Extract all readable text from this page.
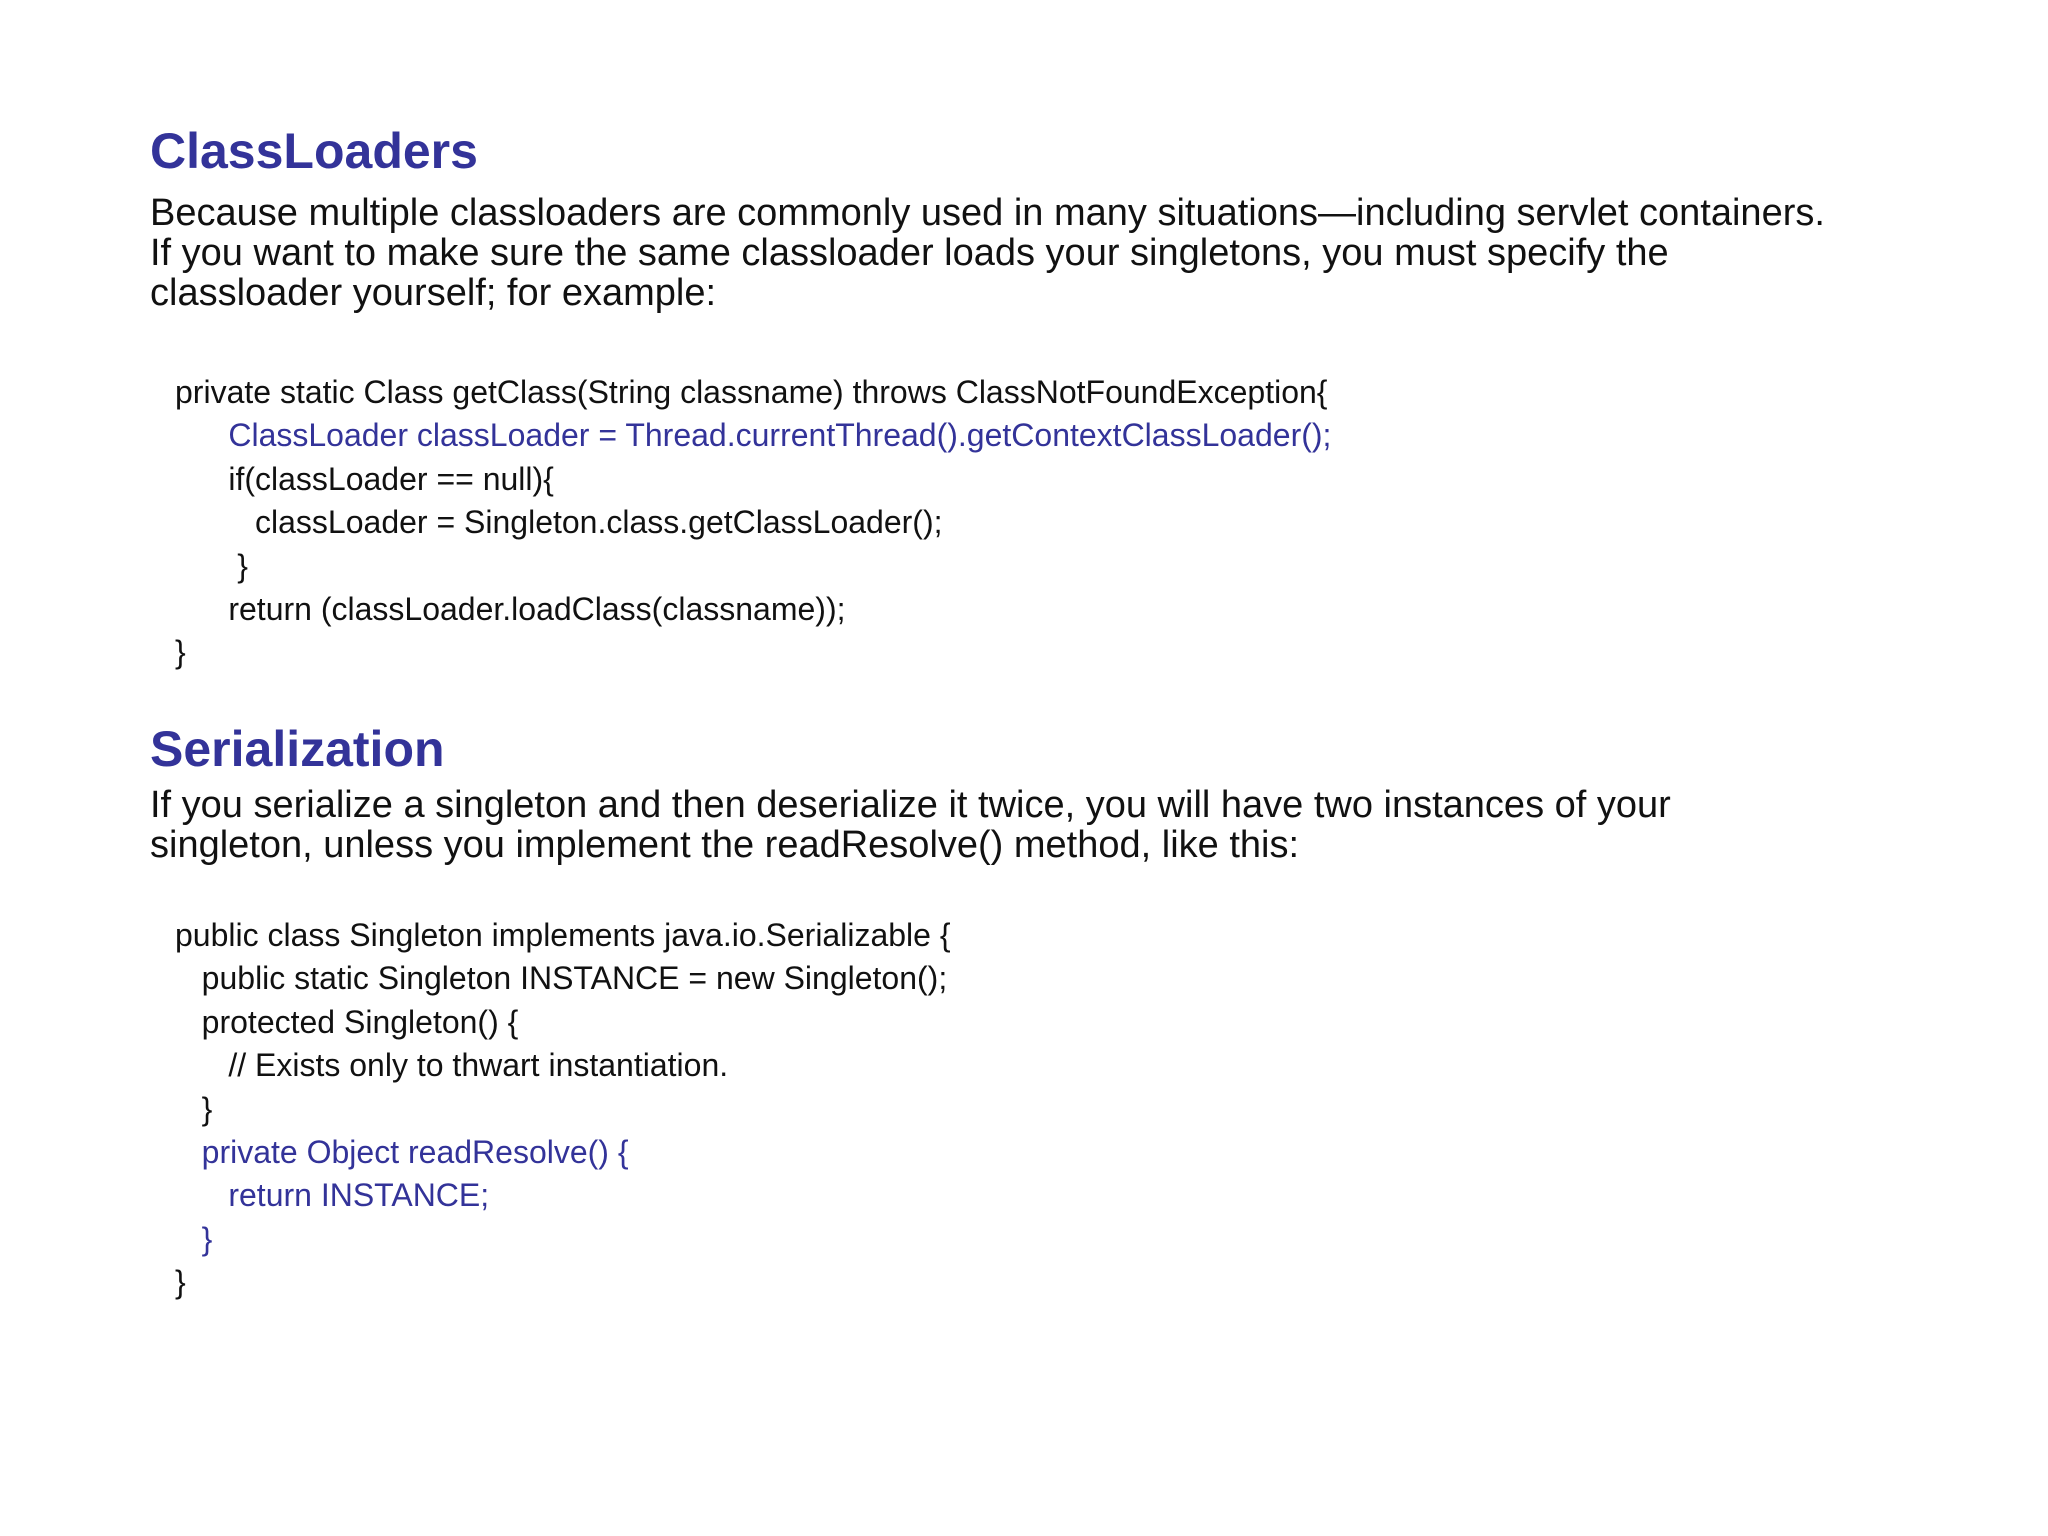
ClassLoaders

Because multiple classloaders are commonly used in many situations—including servlet containers.
If you want to make sure the same classloader loads your singletons, you must specify the
classloader yourself; for example:

private static Class getClass(String classname) throws ClassNotFoundException{
ClassLoader classLoader = Thread.currentThread().getContextClassLoader();
if(classLoader == null){
classLoader = Singleton.class.getClassLoader();
}
return (classLoader.loadClass(classname));
}
Serialization

If you serialize a singleton and then deserialize it twice, you will have two instances of your
singleton, unless you implement the readResolve() method, like this:

public class Singleton implements java.io.Serializable {
public static Singleton INSTANCE = new Singleton();
protected Singleton() {
// Exists only to thwart instantiation.
}
private Object readResolve() {
return INSTANCE;
}
}
